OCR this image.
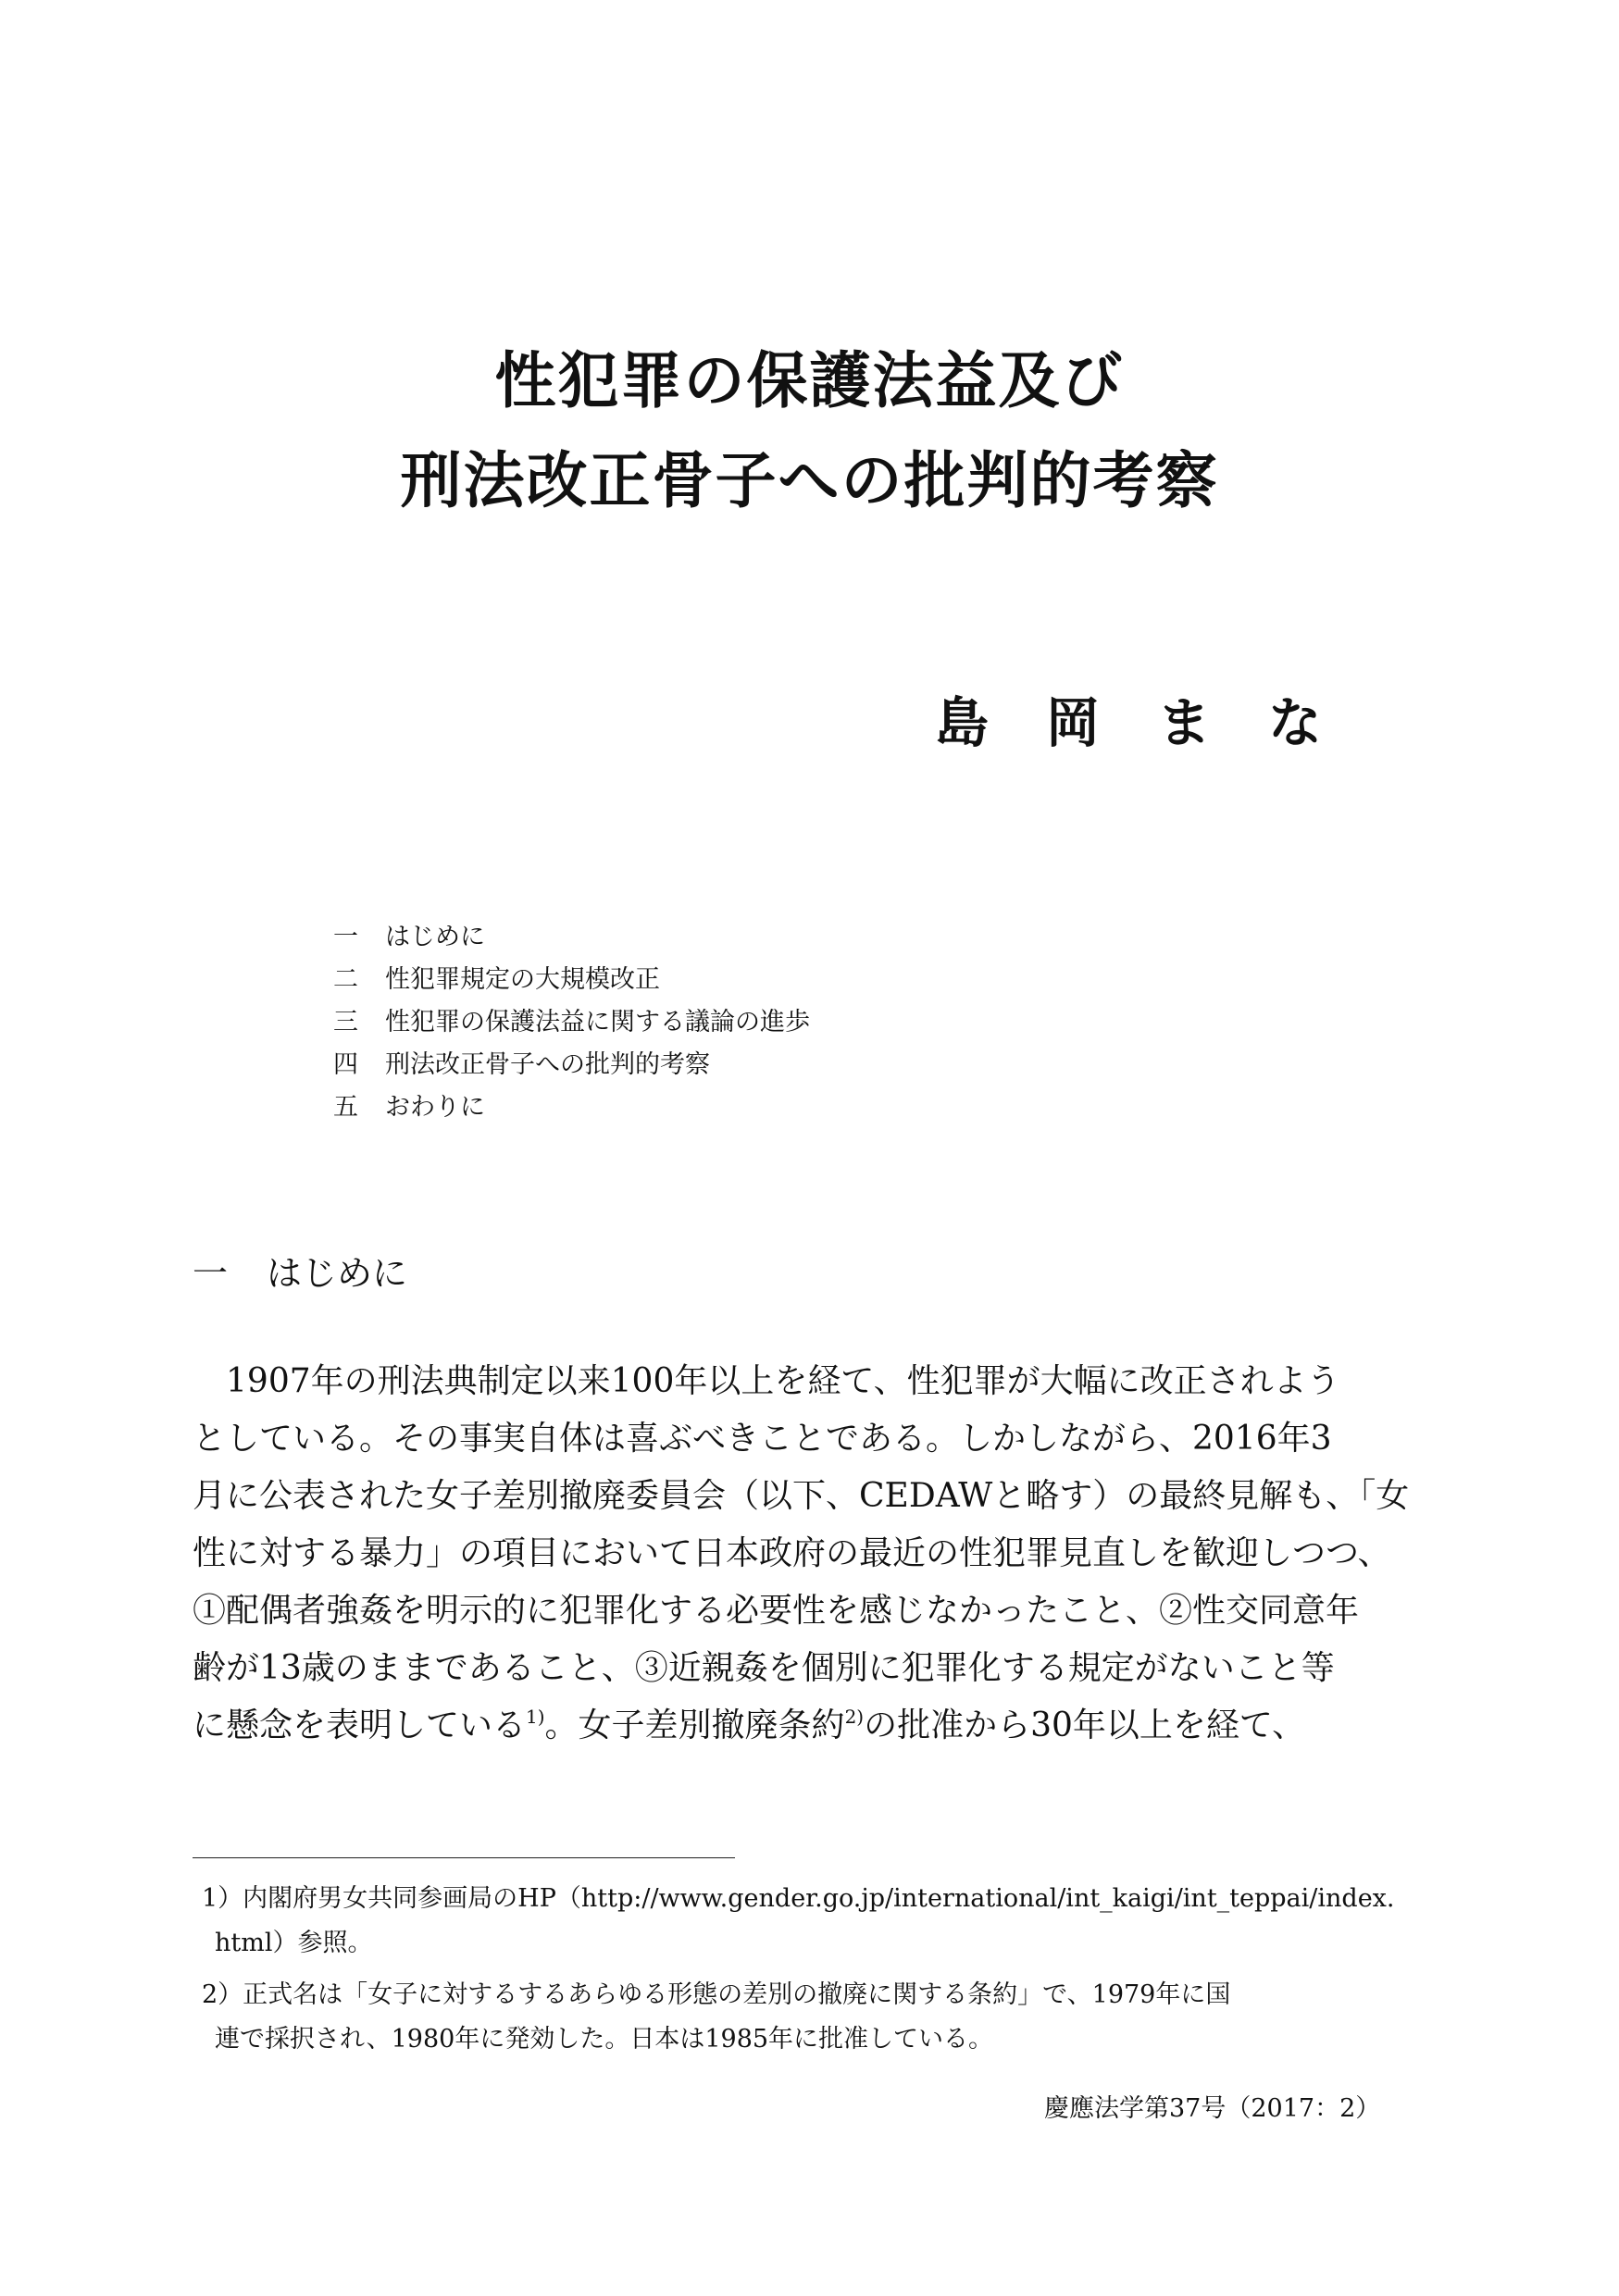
性犯罪の保護法益及び
刑法改正骨子への批判的考察
島岡まな
一	はじめに
二	性犯罪規定の大規模改正
三	性犯罪の保護法益に関する議論の進歩
四	刑法改正骨子への批判的考察
五	おわりに
一 はじめに
　1907年の刑法典制定以来100年以上を経て、性犯罪が大幅に改正されよう
としている。その事実自体は喜ぶべきことである。しかしながら、2016年3
月に公表された女子差別撤廃委員会（以下、CEDAWと略す）の最終見解も、「女
性に対する暴力」の項目において日本政府の最近の性犯罪見直しを歓迎しつつ、
①配偶者強姦を明示的に犯罪化する必要性を感じなかったこと、②性交同意年
齢が13歳のままであること、③近親姦を個別に犯罪化する規定がないこと等
に懸念を表明している$^{1)}$。女子差別撤廃条約$^{2)}$の批准から30年以上を経て、
1）内閣府男女共同参画局のHP（http://www.gender.go.jp/international/int_kaigi/int_teppai/index.
html）参照。
2）正式名は「女子に対するするあらゆる形態の差別の撤廃に関する条約」で、1979年に国
連で採択され、1980年に発効した。日本は1985年に批准している。
慶應法学第37号（2017：2）
